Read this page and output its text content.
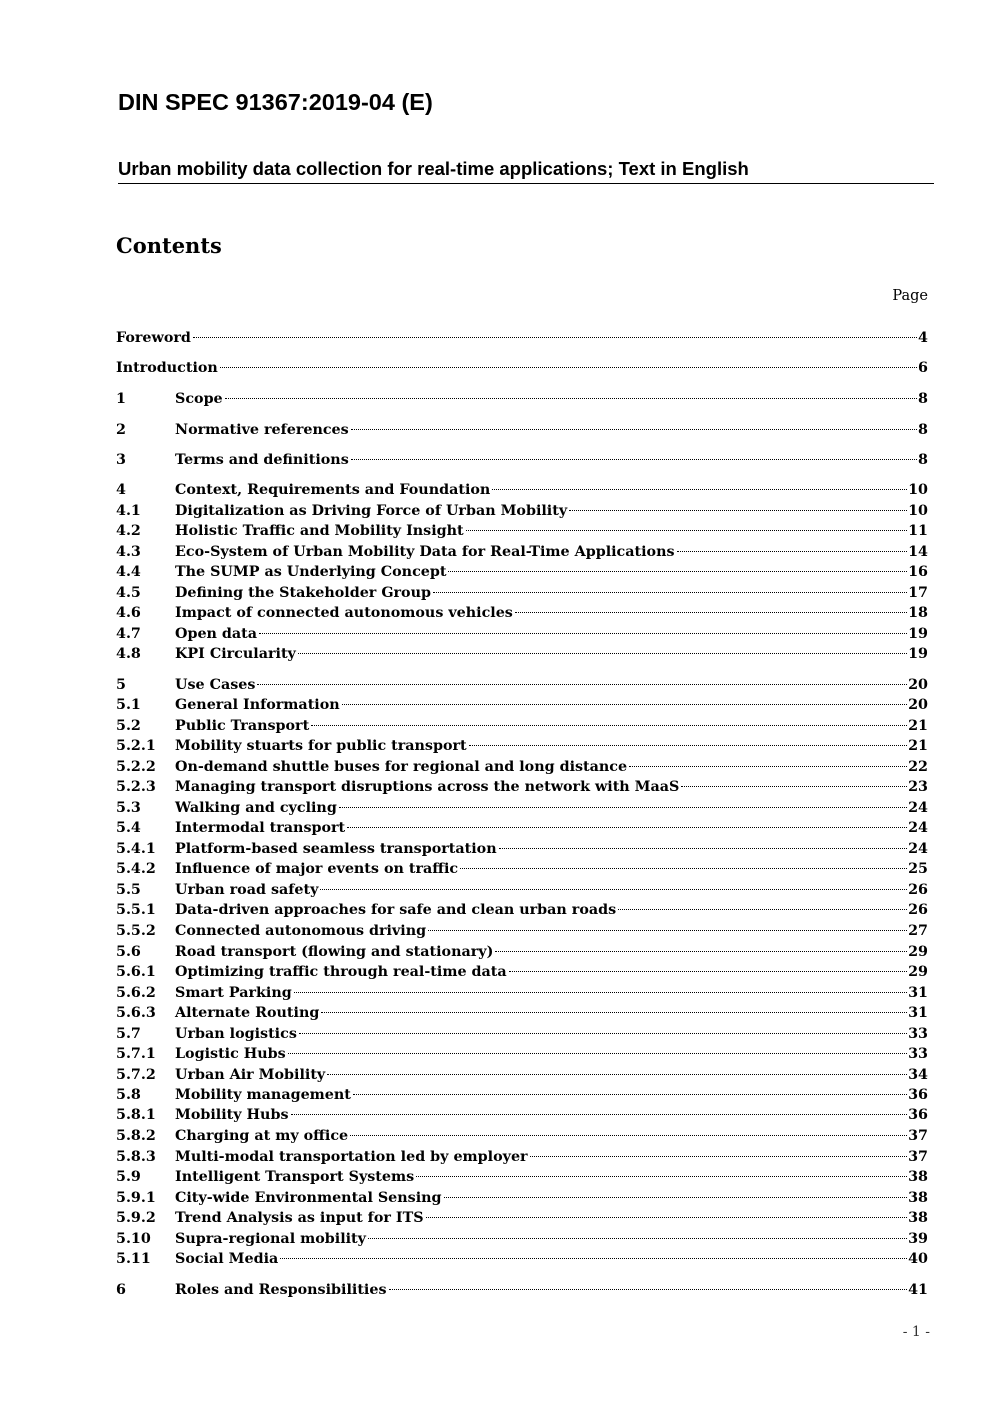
DIN SPEC 91367:2019-04 (E)
Urban mobility data collection for real-time applications; Text in English
Contents
Page
Foreword	4
Introduction	6
1	Scope	8
2	Normative references	8
3	Terms and definitions	8
4	Context, Requirements and Foundation	10
4.1 Digitalization as Driving Force of Urban Mobility	10
4.2 Holistic Traffic and Mobility Insight	11
4.3 Eco-System of Urban Mobility Data for Real-Time Applications	14
4.4 The SUMP as Underlying Concept	16
4.5 Defining the Stakeholder Group	17
4.6 Impact of connected autonomous vehicles	18
4.7 Open data	19
4.8 KPI Circularity	19
5	Use Cases	20
5.1 General Information	20
5.2 Public Transport	21
5.2.1 Mobility stuarts for public transport	21
5.2.2 On-demand shuttle buses for regional and long distance	22
5.2.3 Managing transport disruptions across the network with MaaS	23
5.3 Walking and cycling	24
5.4 Intermodal transport	24
5.4.1 Platform-based seamless transportation	24
5.4.2 Influence of major events on traffic	25
5.5 Urban road safety	26
5.5.1 Data-driven approaches for safe and clean urban roads	26
5.5.2 Connected autonomous driving	27
5.6 Road transport (flowing and stationary)	29
5.6.1 Optimizing traffic through real-time data	29
5.6.2 Smart Parking	31
5.6.3 Alternate Routing	31
5.7 Urban logistics	33
5.7.1 Logistic Hubs	33
5.7.2 Urban Air Mobility	34
5.8 Mobility management	36
5.8.1 Mobility Hubs	36
5.8.2 Charging at my office	37
5.8.3 Multi-modal transportation led by employer	37
5.9 Intelligent Transport Systems	38
5.9.1 City-wide Environmental Sensing	38
5.9.2 Trend Analysis as input for ITS	38
5.10 Supra-regional mobility	39
5.11 Social Media	40
6	Roles and Responsibilities	41
- 1 -
